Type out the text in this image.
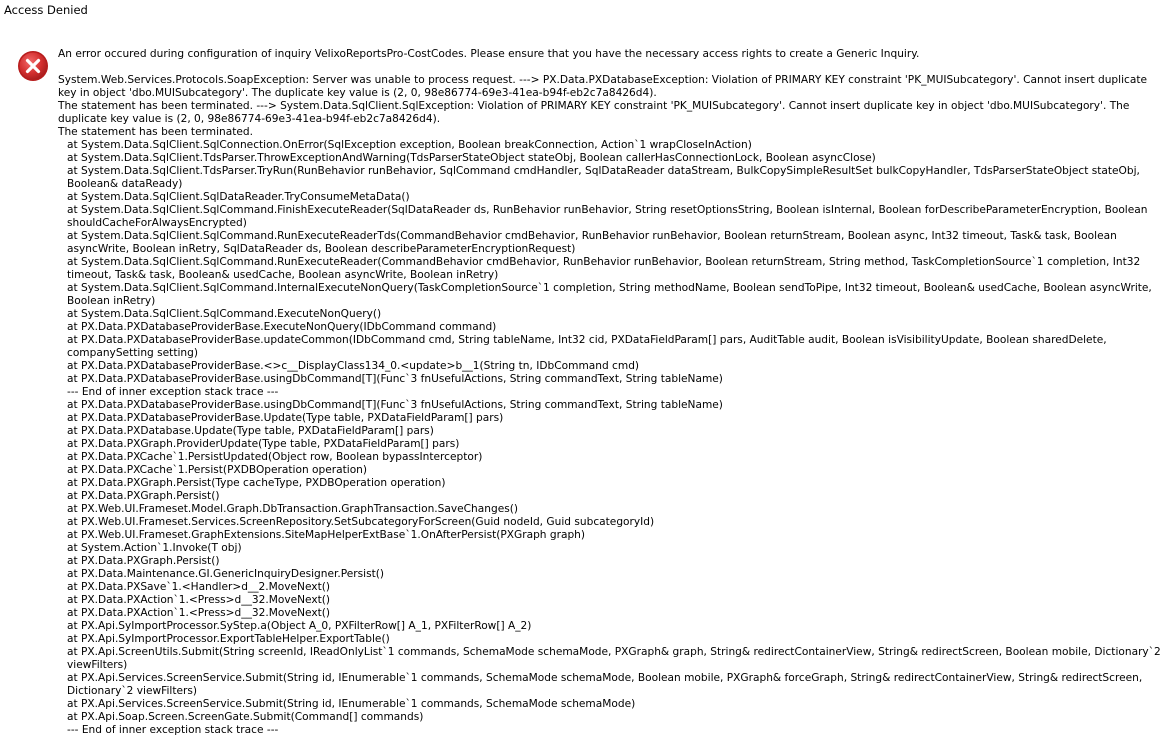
Access Denied
An error occured during configuration of inquiry VelixoReportsPro-CostCodes. Please ensure that you have the necessary access rights to create a Generic Inquiry.
System.Web.Services.Protocols.SoapException: Server was unable to process request. ---> PX.Data.PXDatabaseException: Violation of PRIMARY KEY constraint 'PK_MUISubcategory'. Cannot insert duplicate key in object 'dbo.MUISubcategory'. The duplicate key value is (2, 0, 98e86774-69e3-41ea-b94f-eb2c7a8426d4).
The statement has been terminated. ---> System.Data.SqlClient.SqlException: Violation of PRIMARY KEY constraint 'PK_MUISubcategory'. Cannot insert duplicate key in object 'dbo.MUISubcategory'. The duplicate key value is (2, 0, 98e86774-69e3-41ea-b94f-eb2c7a8426d4).
The statement has been terminated.
at System.Data.SqlClient.SqlConnection.OnError(SqlException exception, Boolean breakConnection, Action`1 wrapCloseInAction)
at System.Data.SqlClient.TdsParser.ThrowExceptionAndWarning(TdsParserStateObject stateObj, Boolean callerHasConnectionLock, Boolean asyncClose)
at System.Data.SqlClient.TdsParser.TryRun(RunBehavior runBehavior, SqlCommand cmdHandler, SqlDataReader dataStream, BulkCopySimpleResultSet bulkCopyHandler, TdsParserStateObject stateObj, Boolean& dataReady)
at System.Data.SqlClient.SqlDataReader.TryConsumeMetaData()
at System.Data.SqlClient.SqlCommand.FinishExecuteReader(SqlDataReader ds, RunBehavior runBehavior, String resetOptionsString, Boolean isInternal, Boolean forDescribeParameterEncryption, Boolean shouldCacheForAlwaysEncrypted)
at System.Data.SqlClient.SqlCommand.RunExecuteReaderTds(CommandBehavior cmdBehavior, RunBehavior runBehavior, Boolean returnStream, Boolean async, Int32 timeout, Task& task, Boolean asyncWrite, Boolean inRetry, SqlDataReader ds, Boolean describeParameterEncryptionRequest)
at System.Data.SqlClient.SqlCommand.RunExecuteReader(CommandBehavior cmdBehavior, RunBehavior runBehavior, Boolean returnStream, String method, TaskCompletionSource`1 completion, Int32 timeout, Task& task, Boolean& usedCache, Boolean asyncWrite, Boolean inRetry)
at System.Data.SqlClient.SqlCommand.InternalExecuteNonQuery(TaskCompletionSource`1 completion, String methodName, Boolean sendToPipe, Int32 timeout, Boolean& usedCache, Boolean asyncWrite, Boolean inRetry)
at System.Data.SqlClient.SqlCommand.ExecuteNonQuery()
at PX.Data.PXDatabaseProviderBase.ExecuteNonQuery(IDbCommand command)
at PX.Data.PXDatabaseProviderBase.updateCommon(IDbCommand cmd, String tableName, Int32 cid, PXDataFieldParam[] pars, AuditTable audit, Boolean isVisibilityUpdate, Boolean sharedDelete, companySetting setting)
at PX.Data.PXDatabaseProviderBase.<>c__DisplayClass134_0.<update>b__1(String tn, IDbCommand cmd)
at PX.Data.PXDatabaseProviderBase.usingDbCommand[T](Func`3 fnUsefulActions, String commandText, String tableName)
--- End of inner exception stack trace ---
at PX.Data.PXDatabaseProviderBase.usingDbCommand[T](Func`3 fnUsefulActions, String commandText, String tableName)
at PX.Data.PXDatabaseProviderBase.Update(Type table, PXDataFieldParam[] pars)
at PX.Data.PXDatabase.Update(Type table, PXDataFieldParam[] pars)
at PX.Data.PXGraph.ProviderUpdate(Type table, PXDataFieldParam[] pars)
at PX.Data.PXCache`1.PersistUpdated(Object row, Boolean bypassInterceptor)
at PX.Data.PXCache`1.Persist(PXDBOperation operation)
at PX.Data.PXGraph.Persist(Type cacheType, PXDBOperation operation)
at PX.Data.PXGraph.Persist()
at PX.Web.UI.Frameset.Model.Graph.DbTransaction.GraphTransaction.SaveChanges()
at PX.Web.UI.Frameset.Services.ScreenRepository.SetSubcategoryForScreen(Guid nodeId, Guid subcategoryId)
at PX.Web.UI.Frameset.GraphExtensions.SiteMapHelperExtBase`1.OnAfterPersist(PXGraph graph)
at System.Action`1.Invoke(T obj)
at PX.Data.PXGraph.Persist()
at PX.Data.Maintenance.GI.GenericInquiryDesigner.Persist()
at PX.Data.PXSave`1.<Handler>d__2.MoveNext()
at PX.Data.PXAction`1.<Press>d__32.MoveNext()
at PX.Data.PXAction`1.<Press>d__32.MoveNext()
at PX.Api.SyImportProcessor.SyStep.a(Object A_0, PXFilterRow[] A_1, PXFilterRow[] A_2)
at PX.Api.SyImportProcessor.ExportTableHelper.ExportTable()
at PX.Api.ScreenUtils.Submit(String screenId, IReadOnlyList`1 commands, SchemaMode schemaMode, PXGraph& graph, String& redirectContainerView, String& redirectScreen, Boolean mobile, Dictionary`2 viewFilters)
at PX.Api.Services.ScreenService.Submit(String id, IEnumerable`1 commands, SchemaMode schemaMode, Boolean mobile, PXGraph& forceGraph, String& redirectContainerView, String& redirectScreen, Dictionary`2 viewFilters)
at PX.Api.Services.ScreenService.Submit(String id, IEnumerable`1 commands, SchemaMode schemaMode)
at PX.Api.Soap.Screen.ScreenGate.Submit(Command[] commands)
--- End of inner exception stack trace ---
